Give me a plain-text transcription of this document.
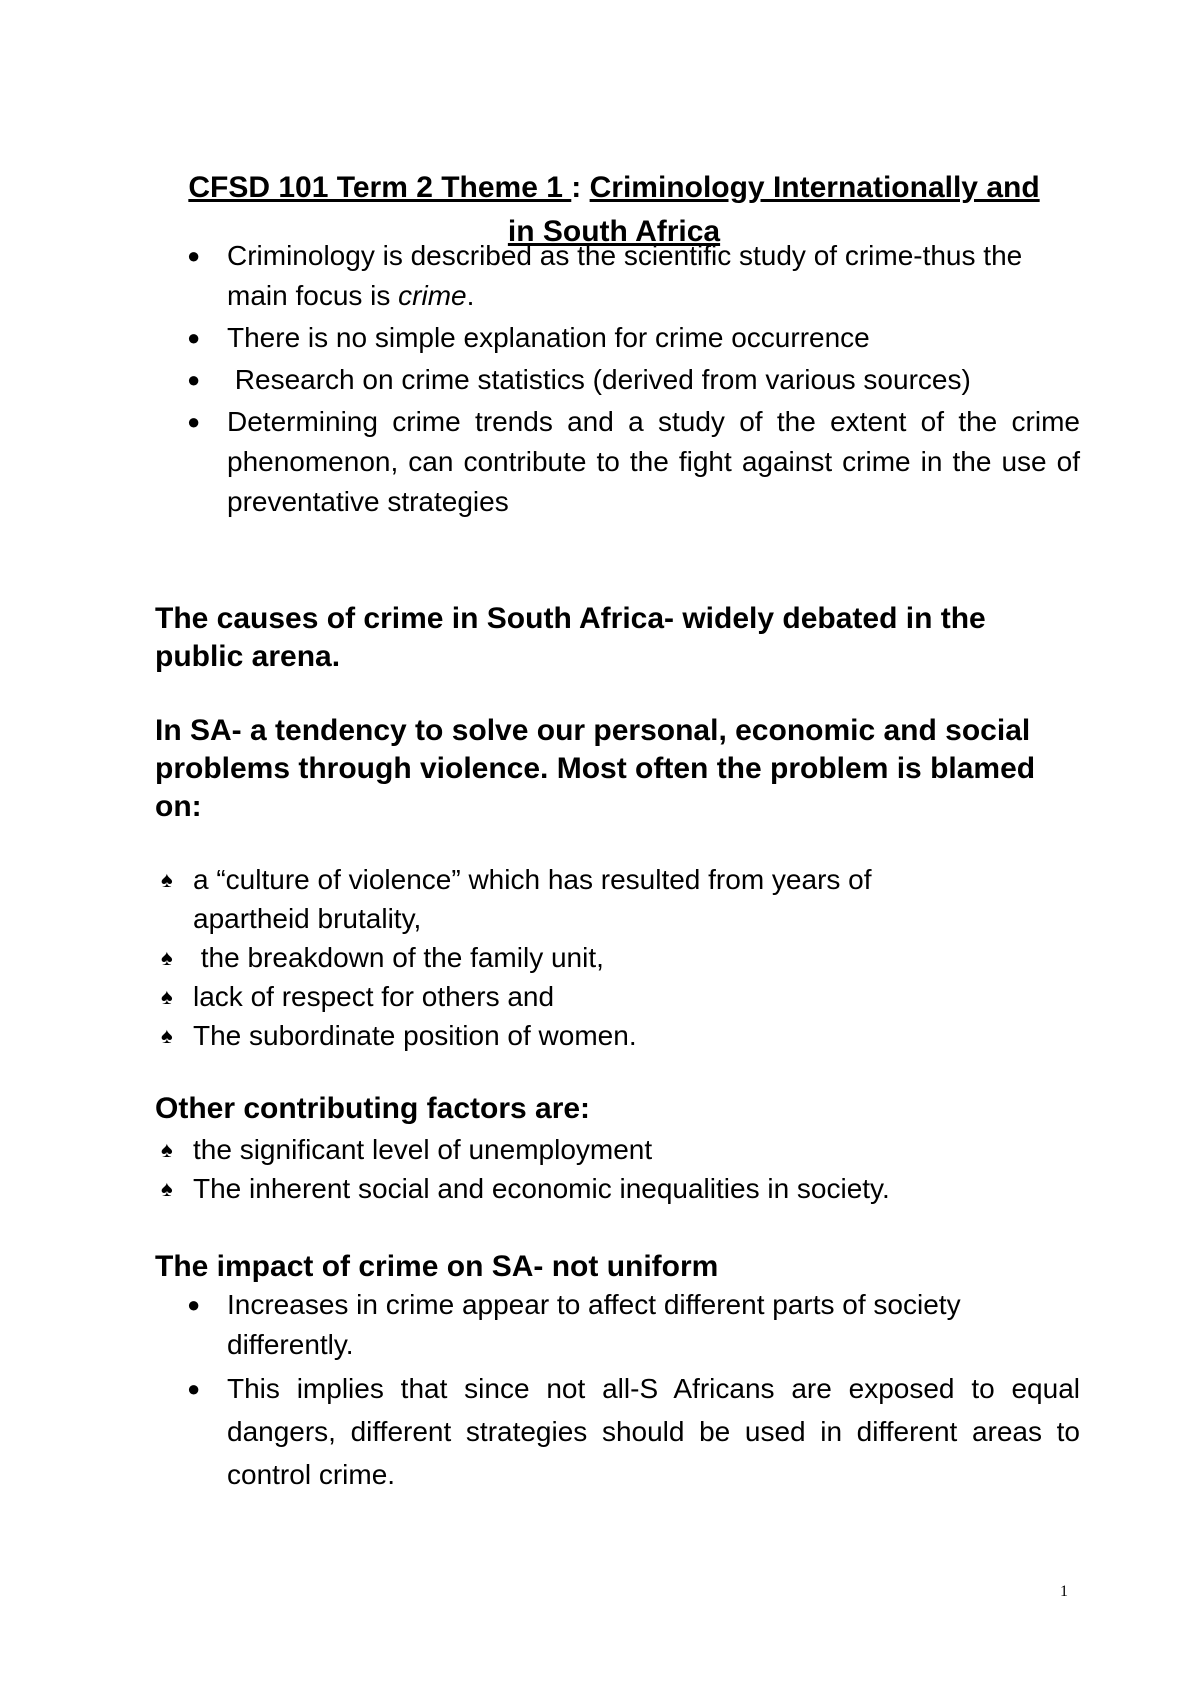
CFSD 101 Term 2 Theme 1 : Criminology Internationally and
in South Africa
● Criminology is described as the scientific study of crime-thus the main focus is crime.
● There is no simple explanation for crime occurrence
● Research on crime statistics (derived from various sources)
● Determining crime trends and a study of the extent of the crime phenomenon, can contribute to the fight against crime in the use of preventative strategies
The causes of crime in South Africa- widely debated in the public arena.
In SA- a tendency to solve our personal, economic and social problems through violence. Most often the problem is blamed on:
♠ a “culture of violence” which has resulted from years of
apartheid brutality,
♠ the breakdown of the family unit,
♠ lack of respect for others and
♠ The subordinate position of women.
Other contributing factors are:
♠ the significant level of unemployment
♠ The inherent social and economic inequalities in society.
The impact of crime on SA- not uniform
● Increases in crime appear to affect different parts of society differently.
● This implies that since not all-S Africans are exposed to equal dangers, different strategies should be used in different areas to control crime.
1
